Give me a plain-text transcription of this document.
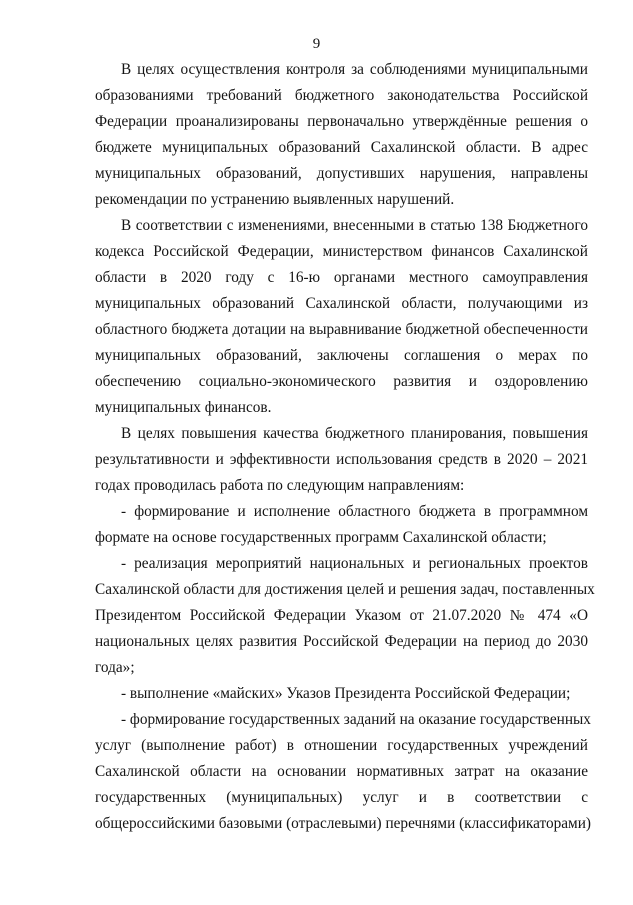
9
В целях осуществления контроля за соблюдениями муниципальными
образованиями требований бюджетного законодательства Российской
Федерации проанализированы первоначально утверждённые решения о
бюджете муниципальных образований Сахалинской области. В адрес
муниципальных образований, допустивших нарушения, направлены
рекомендации по устранению выявленных нарушений.
В соответствии с изменениями, внесенными в статью 138 Бюджетного
кодекса Российской Федерации, министерством финансов Сахалинской
области в 2020 году с 16-ю органами местного самоуправления
муниципальных образований Сахалинской области, получающими из
областного бюджета дотации на выравнивание бюджетной обеспеченности
муниципальных образований, заключены соглашения о мерах по
обеспечению социально-экономического развития и оздоровлению
муниципальных финансов.
В целях повышения качества бюджетного планирования, повышения
результативности и эффективности использования средств в 2020 – 2021
годах проводилась работа по следующим направлениям:
- формирование и исполнение областного бюджета в программном
формате на основе государственных программ Сахалинской области;
- реализация мероприятий национальных и региональных проектов
Сахалинской области для достижения целей и решения задач, поставленных
Президентом Российской Федерации Указом от 21.07.2020 № 474 «О
национальных целях развития Российской Федерации на период до 2030
года»;
- выполнение «майских» Указов Президента Российской Федерации;
- формирование государственных заданий на оказание государственных
услуг (выполнение работ) в отношении государственных учреждений
Сахалинской области на основании нормативных затрат на оказание
государственных (муниципальных) услуг и в соответствии с
общероссийскими базовыми (отраслевыми) перечнями (классификаторами)
